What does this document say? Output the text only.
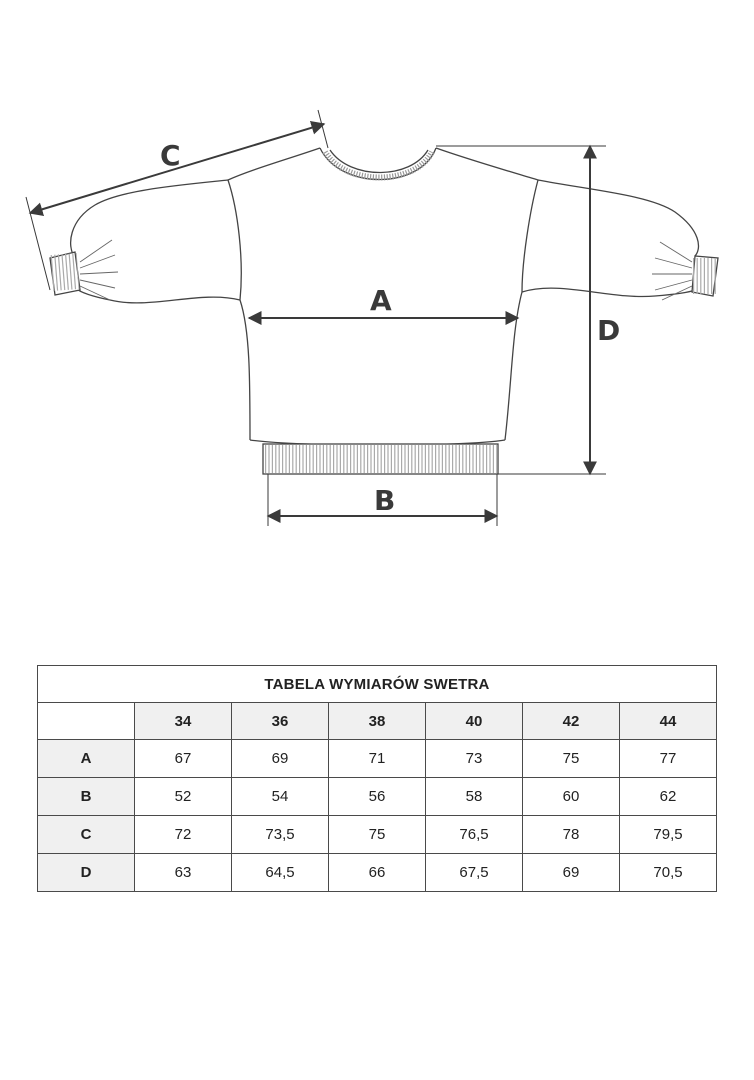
C
A
B
D
TABELA WYMIARÓW SWETRA						
	34	36	38	40	42	44
A	67	69	71	73	75	77
B	52	54	56	58	60	62
C	72	73,5	75	76,5	78	79,5
D	63	64,5	66	67,5	69	70,5
